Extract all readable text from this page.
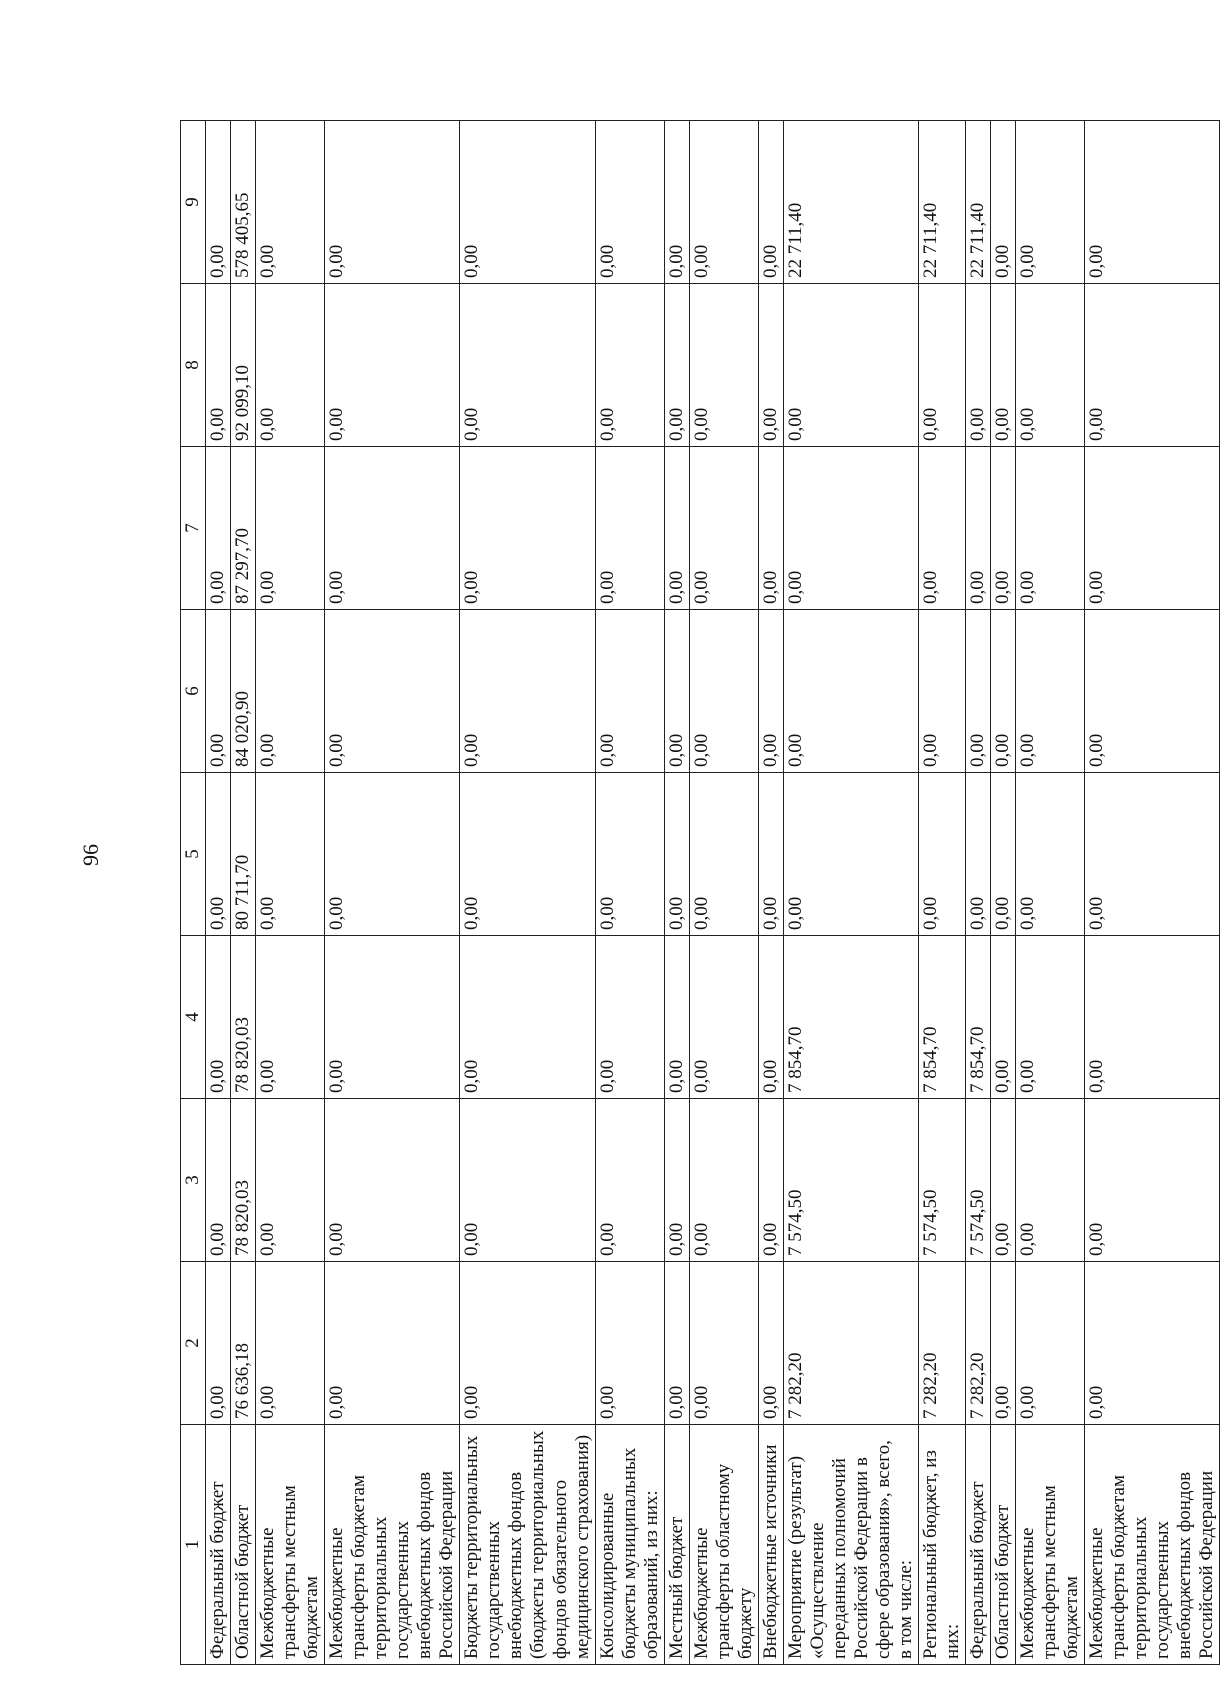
96
1	2	3	4	5	6	7	8	9
Федеральный бюджет	0,00	0,00	0,00	0,00	0,00	0,00	0,00	0,00
Областной бюджет	76 636,18	78 820,03	78 820,03	80 711,70	84 020,90	87 297,70	92 099,10	578 405,65
Межбюджетные трансферты местным бюджетам	0,00	0,00	0,00	0,00	0,00	0,00	0,00	0,00
Межбюджетные трансферты бюджетам территориальных государственных внебюджетных фондов Российской Федерации	0,00	0,00	0,00	0,00	0,00	0,00	0,00	0,00
Бюджеты территориальных государственных внебюджетных фондов (бюджеты территориальных фондов обязательного медицинского страхования)	0,00	0,00	0,00	0,00	0,00	0,00	0,00	0,00
Консолидированные бюджеты муниципальных образований, из них:	0,00	0,00	0,00	0,00	0,00	0,00	0,00	0,00
Местный бюджет	0,00	0,00	0,00	0,00	0,00	0,00	0,00	0,00
Межбюджетные трансферты областному бюджету	0,00	0,00	0,00	0,00	0,00	0,00	0,00	0,00
Внебюджетные источники	0,00	0,00	0,00	0,00	0,00	0,00	0,00	0,00
Мероприятие (результат) «Осуществление переданных полномочий Российской Федерации в сфере образования», всего, в том числе:	7 282,20	7 574,50	7 854,70	0,00	0,00	0,00	0,00	22 711,40
Региональный бюджет, из них:	7 282,20	7 574,50	7 854,70	0,00	0,00	0,00	0,00	22 711,40
Федеральный бюджет	7 282,20	7 574,50	7 854,70	0,00	0,00	0,00	0,00	22 711,40
Областной бюджет	0,00	0,00	0,00	0,00	0,00	0,00	0,00	0,00
Межбюджетные трансферты местным бюджетам	0,00	0,00	0,00	0,00	0,00	0,00	0,00	0,00
Межбюджетные трансферты бюджетам территориальных государственных внебюджетных фондов Российской Федерации	0,00	0,00	0,00	0,00	0,00	0,00	0,00	0,00
